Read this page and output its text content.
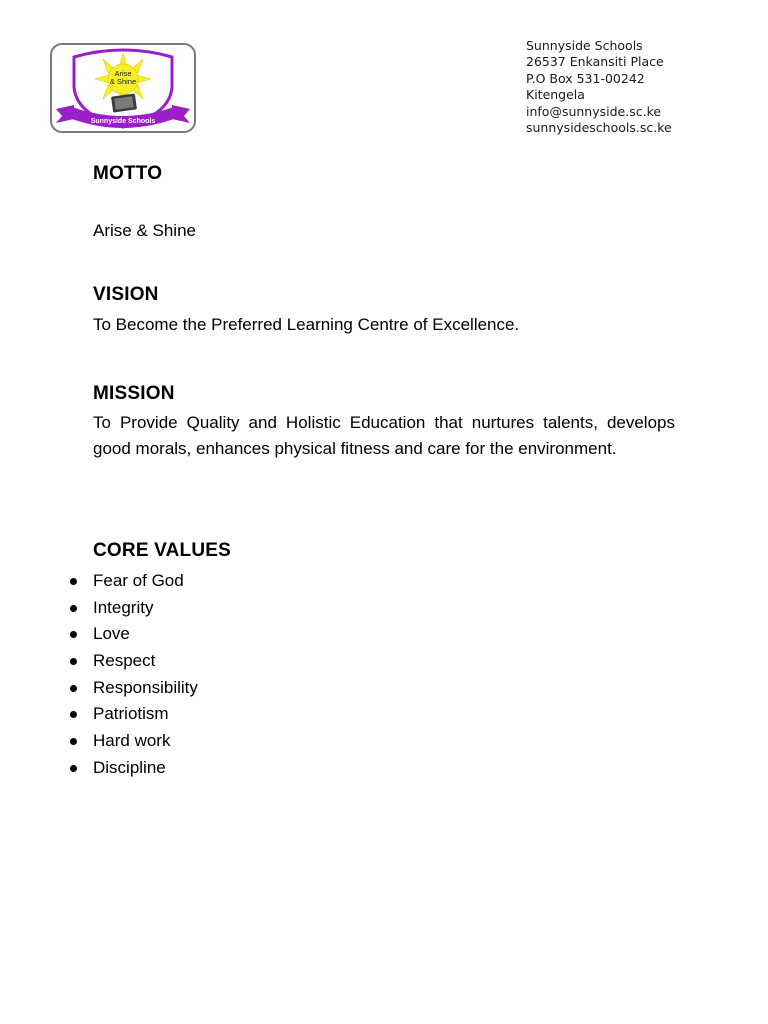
Arise
& Shine
Sunnyside Schools
Sunnyside Schools
26537 Enkansiti Place
P.O Box 531-00242
Kitengela
info@sunnyside.sc.ke
sunnysideschools.sc.ke
MOTTO
Arise & Shine
VISION
To Become the Preferred Learning Centre of Excellence.
MISSION
To Provide Quality and Holistic Education that nurtures talents, develops good morals, enhances physical fitness and care for the environment.
CORE VALUES
Fear of God
Integrity
Love
Respect
Responsibility
Patriotism
Hard work
Discipline
